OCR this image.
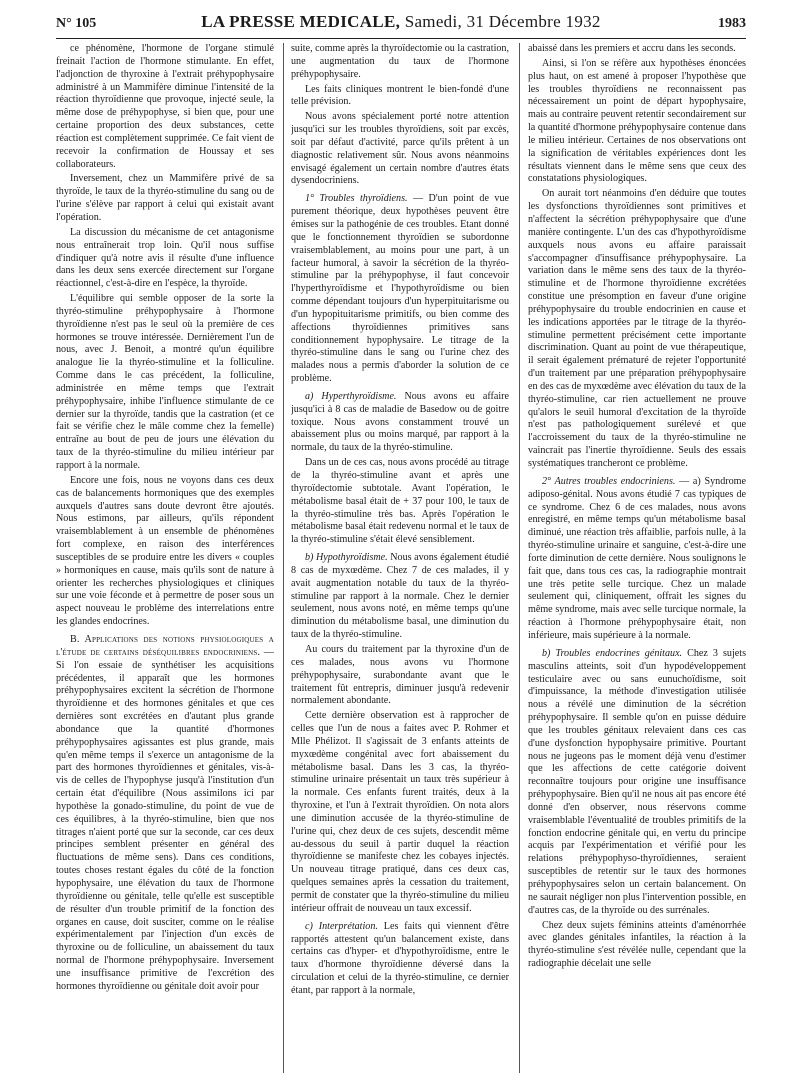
N° 105	LA PRESSE MEDICALE, Samedi, 31 Décembre 1932	1983

ce phénomène, l'hormone de l'organe stimulé freinait l'action de l'hormone stimulante. En effet, l'adjonction de thyroxine à l'extrait préhypophysaire administré à un Mammifère diminue l'intensité de la réaction thyroïdienne que provoque, injecté seule, la même dose de préhypophyse, si bien que, pour une certaine proportion des deux substances, cette réaction est complètement supprimée. Ce fait vient de recevoir la confirmation de Houssay et ses collaborateurs.

Inversement, chez un Mammifère privé de sa thyroïde, le taux de la thyréo-stimuline du sang ou de l'urine s'élève par rapport à celui qui existait avant l'opération.

La discussion du mécanisme de cet antagonisme nous entraînerait trop loin. Qu'il nous suffise d'indiquer qu'à notre avis il résulte d'une influence dans les deux sens exercée directement sur l'organe réactionnel, c'est-à-dire en l'espèce, la thyroïde.

L'équilibre qui semble opposer de la sorte la thyréo-stimuline préhypophysaire à l'hormone thyroïdienne n'est pas le seul où la première de ces hormones se trouve intéressée. Dernièrement l'un de nous, avec J. Benoit, a montré qu'un équilibre analogue lie la thyréo-stimuline et la folliculine. Comme dans le cas précédent, la folliculine, administrée en même temps que l'extrait préhypophysaire, inhibe l'influence stimulante de ce dernier sur la thyroïde, tandis que la castration (et ce fait se vérifie chez le mâle comme chez la femelle) entraîne au bout de peu de jours une élévation du taux de la thyréo-stimuline du milieu intérieur par rapport à la normale.

Encore une fois, nous ne voyons dans ces deux cas de balancements hormoniques que des exemples auxquels d'autres sans doute devront être ajoutés. Nous estimons, par ailleurs, qu'ils répondent vraisemblablement à un ensemble de phénomènes fort complexe, en raison des interférences susceptibles de se produire entre les divers « couples » hormoniques en cause, mais qu'ils sont de nature à orienter les recherches physiologiques et cliniques sur une voie féconde et à permettre de poser sous un aspect nouveau le problème des interrelations entre les glandes endocrines.

B. Applications des notions physiologiques a l'étude de certains déséquilibres endocriniens. — Si l'on essaie de synthétiser les acquisitions précédentes, il apparaît que les hormones préhypophysaires excitent la sécrétion de l'hormone thyroïdienne et des hormones génitales et que ces dernières sont excrétées en d'autant plus grande abondance que la quantité d'hormones préhypophysaires agissantes est plus grande, mais qu'en même temps il s'exerce un antagonisme de la part des hormones thyroïdiennes et génitales, vis-à-vis de celles de l'hypophyse jusqu'à l'institution d'un certain état d'équilibre (Nous assimilons ici par hypothèse la gonado-stimuline, du point de vue de ces équilibres, à la thyréo-stimuline, bien que nos titrages n'aient porté que sur la seconde, car ces deux principes semblent présenter en général des fluctuations de même sens). Dans ces conditions, toutes choses restant égales du côté de la fonction hypophysaire, une élévation du taux de l'hormone thyroïdienne ou génitale, telle qu'elle est susceptible de résulter d'un trouble primitif de la fonction des organes en cause, doit susciter, comme on le réalise expérimentalement par l'injection d'un excès de thyroxine ou de folliculine, un abaissement du taux normal de l'hormone préhypophysaire. Inversement une insuffisance primitive de l'excrétion des hormones thyroïdienne ou génitale doit avoir pour

suite, comme après la thyroïdectomie ou la castration, une augmentation du taux de l'hormone préhypophysaire.

Les faits cliniques montrent le bien-fondé d'une telle prévision.

Nous avons spécialement porté notre attention jusqu'ici sur les troubles thyroïdiens, soit par excès, soit par défaut d'activité, parce qu'ils prêtent à un diagnostic relativement sûr. Nous avons néanmoins envisagé également un certain nombre d'autres états dysendocriniens.

1° Troubles thyroïdiens. — D'un point de vue purement théorique, deux hypothèses peuvent être émises sur la pathogénie de ces troubles. Etant donné que le fonctionnement thyroïdien se subordonne vraisemblablement, au moins pour une part, à un facteur humoral, à savoir la sécrétion de la thyréo-stimuline par la préhypophyse, il faut concevoir l'hyperthyroïdisme et l'hypothyroïdisme ou bien comme dépendant toujours d'un hyperpituitarisme ou d'un hypopituitarisme primitifs, ou bien comme des affections thyroïdiennes primitives sans conditionnement hypophysaire. Le titrage de la thyréo-stimuline dans le sang ou l'urine chez des malades nous a permis d'aborder la solution de ce problème.

a) Hyperthyroïdisme. Nous avons eu affaire jusqu'ici à 8 cas de maladie de Basedow ou de goitre toxique. Nous avons constamment trouvé un abaissement plus ou moins marqué, par rapport à la normale, du taux de la thyréo-stimuline.

Dans un de ces cas, nous avons procédé au titrage de la thyréo-stimuline avant et après une thyroïdectomie subtotale. Avant l'opération, le métabolisme basal était de + 37 pour 100, le taux de la thyréo-stimuline très bas. Après l'opération le métabolisme basal était redevenu normal et le taux de la thyréo-stimuline s'était élevé sensiblement.

b) Hypothyroïdisme. Nous avons également étudié 8 cas de myxœdème. Chez 7 de ces malades, il y avait augmentation notable du taux de la thyréo-stimuline par rapport à la normale. Chez le dernier seulement, nous avons noté, en même temps qu'une diminution du métabolisme basal, une diminution du taux de la thyréo-stimuline.

Au cours du traitement par la thyroxine d'un de ces malades, nous avons vu l'hormone préhypophysaire, surabondante avant que le traitement fût entrepris, diminuer jusqu'à redevenir normalement abondante.

Cette dernière observation est à rapprocher de celles que l'un de nous a faites avec P. Rohmer et Mlle Phélizot. Il s'agissait de 3 enfants atteints de myxœdème congénital avec fort abaissement du métabolisme basal. Dans les 3 cas, la thyréo-stimuline urinaire présentait un taux très supérieur à la normale. Ces enfants furent traités, deux à la thyroxine, et l'un à l'extrait thyroïdien. On nota alors une diminution accusée de la thyréo-stimuline de l'urine qui, chez deux de ces sujets, descendit même au-dessous du seuil à partir duquel la réaction thyroïdienne se manifeste chez les cobayes injectés. Un nouveau titrage pratiqué, dans ces deux cas, quelques semaines après la cessation du traitement, permit de constater que la thyréo-stimuline du milieu intérieur offrait de nouveau un taux excessif.

c) Interprétation. Les faits qui viennent d'être rapportés attestent qu'un balancement existe, dans certains cas d'hyper- et d'hypothyroïdisme, entre le taux d'hormone thyroïdienne déversé dans la circulation et celui de la thyréo-stimuline, ce dernier étant, par rapport à la normale,

abaissé dans les premiers et accru dans les seconds.

Ainsi, si l'on se réfère aux hypothèses énoncées plus haut, on est amené à proposer l'hypothèse que les troubles thyroïdiens ne reconnaissent pas nécessairement un point de départ hypophysaire, mais au contraire peuvent retentir secondairement sur la quantité d'hormone préhypophysaire contenue dans le milieu intérieur. Certaines de nos observations ont la signification de véritables expériences dont les résultats viennent dans le même sens que ceux des constatations physiologiques.

On aurait tort néanmoins d'en déduire que toutes les dysfonctions thyroïdiennes sont primitives et n'affectent la sécrétion préhypophysaire que d'une manière contingente. L'un des cas d'hypothyroïdisme auxquels nous avons eu affaire paraissait s'accompagner d'insuffisance préhypophysaire. La variation dans le même sens des taux de la thyréo-stimuline et de l'hormone thyroïdienne excrétées constitue une présomption en faveur d'une origine préhypophysaire du trouble endocrinien en cause et les indications apportées par le titrage de la thyréo-stimuline permettent précisément cette importante discrimination. Quant au point de vue thérapeutique, il serait également prématuré de rejeter l'opportunité d'un traitement par une préparation préhypophysaire en des cas de myxœdème avec élévation du taux de la thyréo-stimuline, car rien actuellement ne prouve qu'alors le seuil humoral d'excitation de la thyroïde n'est pas pathologiquement surélevé et que l'accroissement du taux de la thyréo-stimuline ne vaincrait pas l'inertie thyroïdienne. Seuls des essais systématiques trancheront ce problème.

2° Autres troubles endocriniens. — a) Syndrome adiposo-génital. Nous avons étudié 7 cas typiques de ce syndrome. Chez 6 de ces malades, nous avons enregistré, en même temps qu'un métabolisme basal diminué, une réaction très affaiblie, parfois nulle, à la thyréo-stimuline urinaire et sanguine, c'est-à-dire une forte diminution de cette dernière. Nous soulignons le fait que, dans tous ces cas, la radiographie montrait une très petite selle turcique. Chez un malade seulement qui, cliniquement, offrait les signes du même syndrome, mais avec selle turcique normale, la réaction à l'hormone préhypophysaire était, non inférieure, mais supérieure à la normale.

b) Troubles endocrines génitaux. Chez 3 sujets masculins atteints, soit d'un hypodéveloppement testiculaire avec ou sans eunuchoïdisme, soit d'impuissance, la méthode d'investigation utilisée nous a révélé une diminution de la sécrétion préhypophysaire. Il semble qu'on en puisse déduire que les troubles génitaux relevaient dans ces cas d'une dysfonction hypophysaire primitive. Pourtant nous ne jugeons pas le moment déjà venu d'estimer que les affections de cette catégorie doivent reconnaître toujours pour origine une insuffisance préhypophysaire. Bien qu'il ne nous ait pas encore été donné d'en observer, nous réservons comme vraisemblable l'éventualité de troubles primitifs de la fonction endocrine génitale qui, en vertu du principe acquis par l'expérimentation et vérifié pour les relations préhypophyso-thyroïdiennes, seraient susceptibles de retentir sur le taux des hormones préhypophysaires selon un certain balancement. On ne saurait négliger non plus l'intervention possible, en d'autres cas, de la thyroïde ou des surrénales.

Chez deux sujets féminins atteints d'aménorrhée avec glandes génitales infantiles, la réaction à la thyréo-stimuline s'est révélée nulle, cependant que la radiographie décelait une selle
